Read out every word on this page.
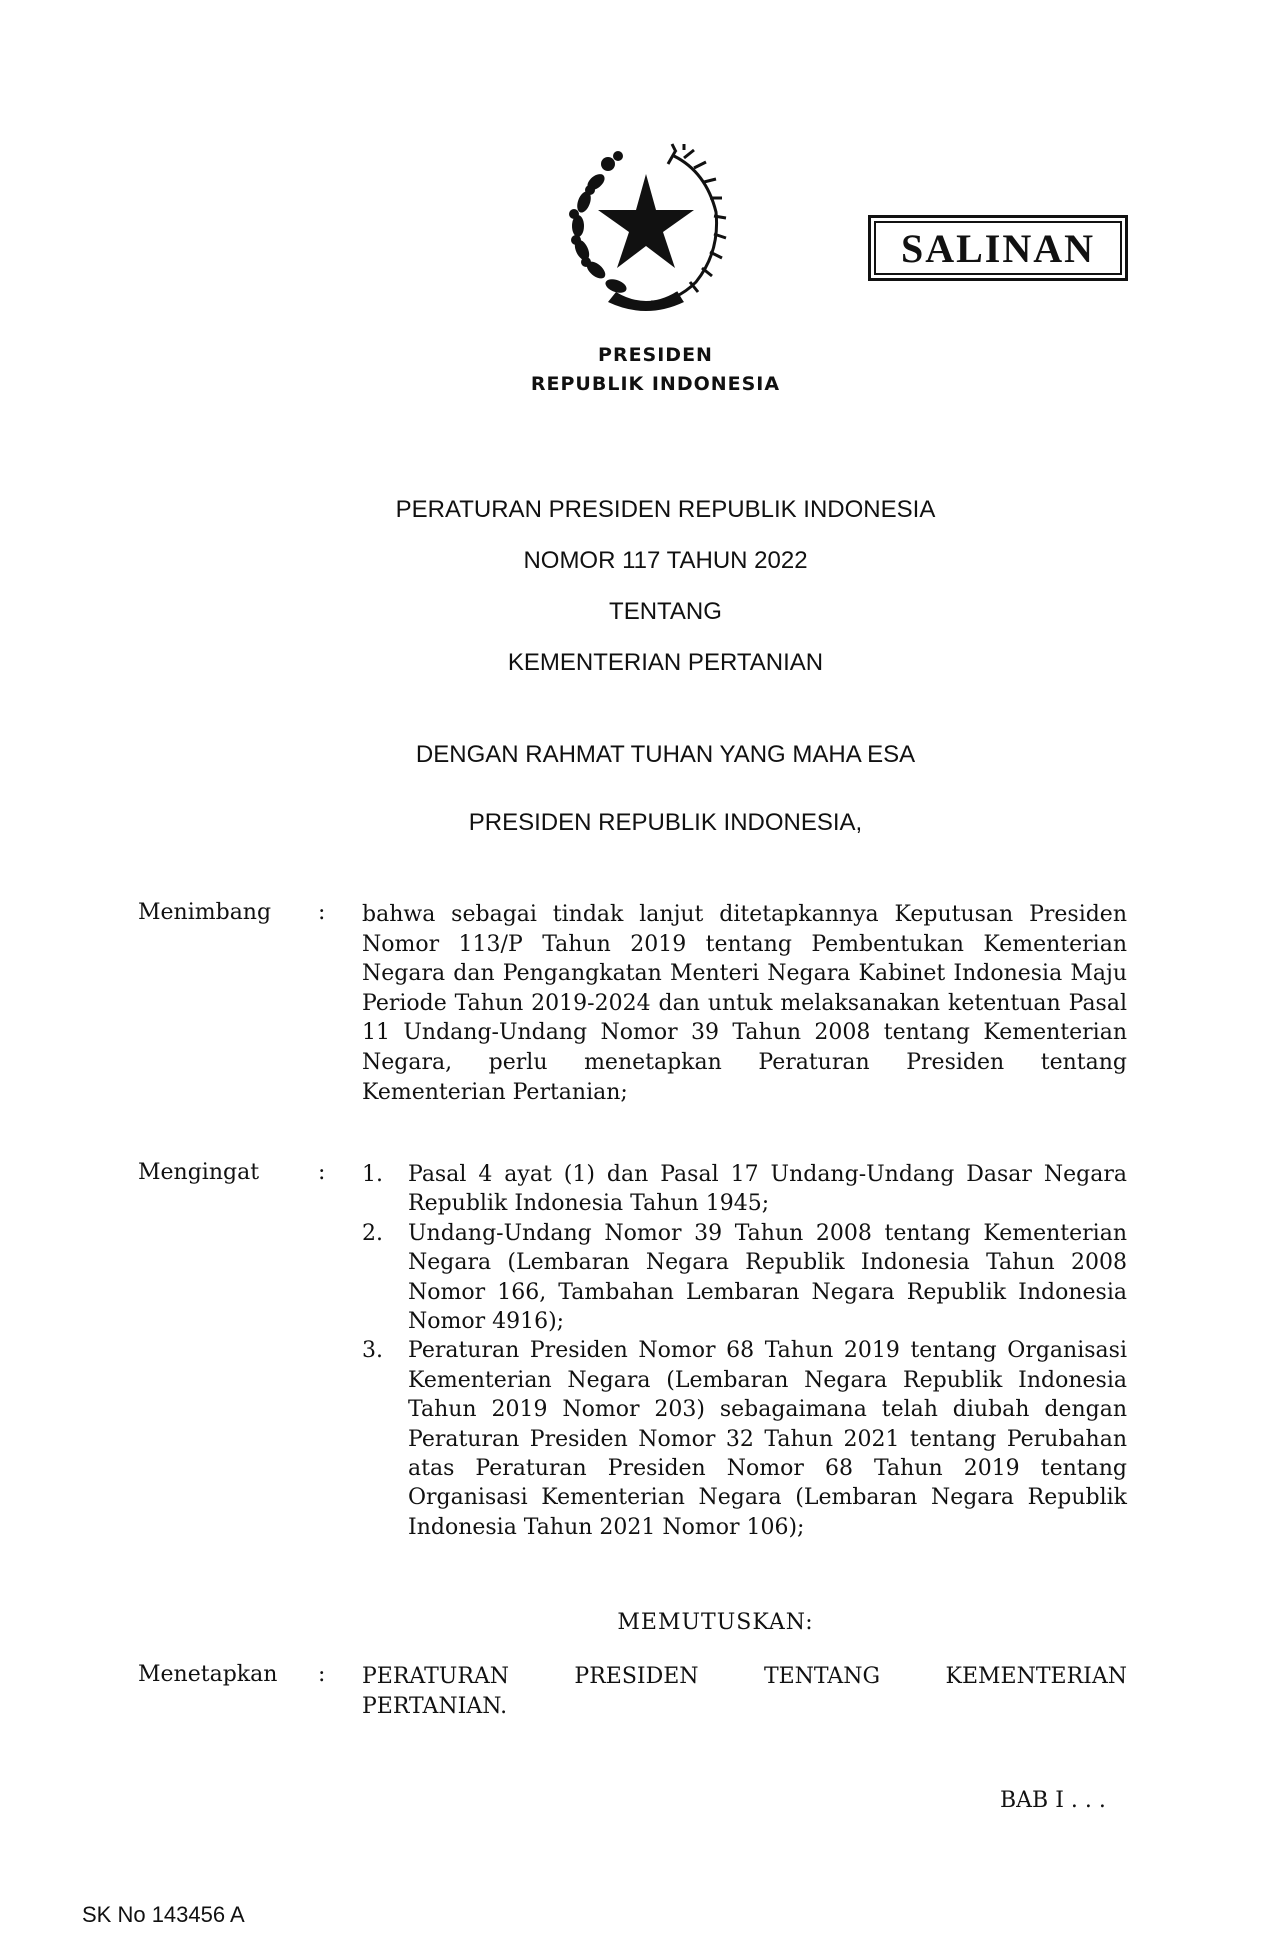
SALINAN
PRESIDEN
REPUBLIK INDONESIA
PERATURAN PRESIDEN REPUBLIK INDONESIA
NOMOR 117 TAHUN 2022
TENTANG
KEMENTERIAN PERTANIAN
DENGAN RAHMAT TUHAN YANG MAHA ESA
PRESIDEN REPUBLIK INDONESIA,
Menimbang : bahwa sebagai tindak lanjut ditetapkannya Keputusan Presiden Nomor 113/P Tahun 2019 tentang Pembentukan Kementerian Negara dan Pengangkatan Menteri Negara Kabinet Indonesia Maju Periode Tahun 2019-2024 dan untuk melaksanakan ketentuan Pasal 11 Undang-Undang Nomor 39 Tahun 2008 tentang Kementerian Negara, perlu menetapkan Peraturan Presiden tentang Kementerian Pertanian;
Mengingat	: 1. Pasal 4 ayat (1) dan Pasal 17 Undang-Undang Dasar Negara Republik Indonesia Tahun 1945;
2. Undang-Undang Nomor 39 Tahun 2008 tentang Kementerian Negara (Lembaran Negara Republik Indonesia Tahun 2008 Nomor 166, Tambahan Lembaran Negara Republik Indonesia Nomor 4916);
3. Peraturan Presiden Nomor 68 Tahun 2019 tentang Organisasi Kementerian Negara (Lembaran Negara Republik Indonesia Tahun 2019 Nomor 203) sebagaimana telah diubah dengan Peraturan Presiden Nomor 32 Tahun 2021 tentang Perubahan atas Peraturan Presiden Nomor 68 Tahun 2019 tentang Organisasi Kementerian Negara (Lembaran Negara Republik Indonesia Tahun 2021 Nomor 106);
MEMUTUSKAN:
Menetapkan : PERATURAN	PRESIDEN	TENTANG	KEMENTERIAN
PERTANIAN.
BAB I . . .
SK No 143456 A
